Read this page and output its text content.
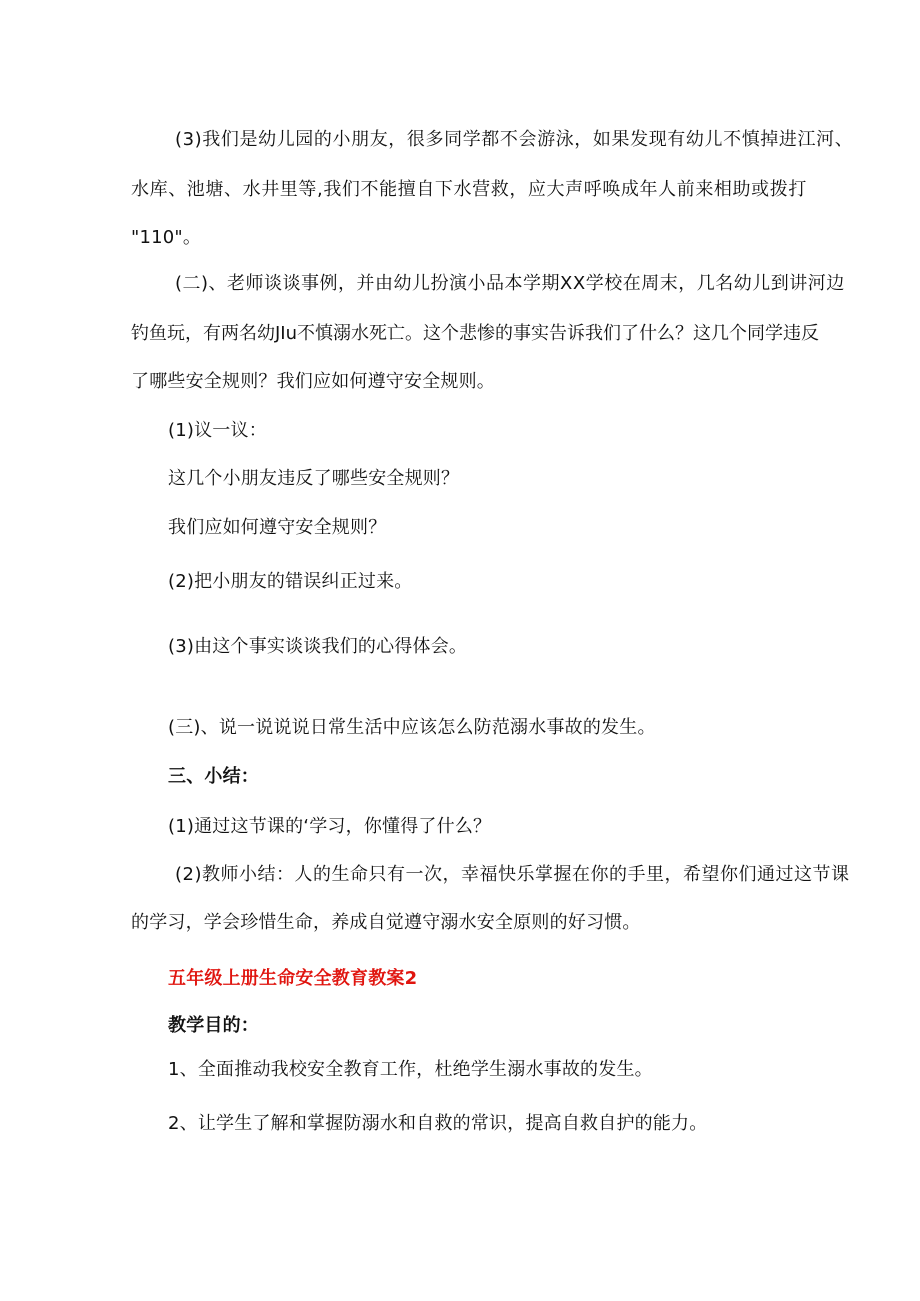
(3)我们是幼儿园的小朋友，很多同学都不会游泳，如果发现有幼儿不慎掉进江河、
水库、池塘、水井里等,我们不能擅自下水营救，应大声呼唤成年人前来相助或拨打
"110"。
(二)、老师谈谈事例，并由幼儿扮演小品本学期XX学校在周末，几名幼儿到讲河边
钓鱼玩，有两名幼JIu不慎溺水死亡。这个悲惨的事实告诉我们了什么？这几个同学违反
了哪些安全规则？我们应如何遵守安全规则。
(1)议一议：
这几个小朋友违反了哪些安全规则？
我们应如何遵守安全规则？
(2)把小朋友的错误纠正过来。
(3)由这个事实谈谈我们的心得体会。
(三)、说一说说说日常生活中应该怎么防范溺水事故的发生。
三、小结：
(1)通过这节课的‘学习，你懂得了什么？
(2)教师小结：人的生命只有一次，幸福快乐掌握在你的手里，希望你们通过这节课
的学习，学会珍惜生命，养成自觉遵守溺水安全原则的好习惯。
五年级上册生命安全教育教案2
教学目的：
1、全面推动我校安全教育工作，杜绝学生溺水事故的发生。
2、让学生了解和掌握防溺水和自救的常识，提高自救自护的能力。
